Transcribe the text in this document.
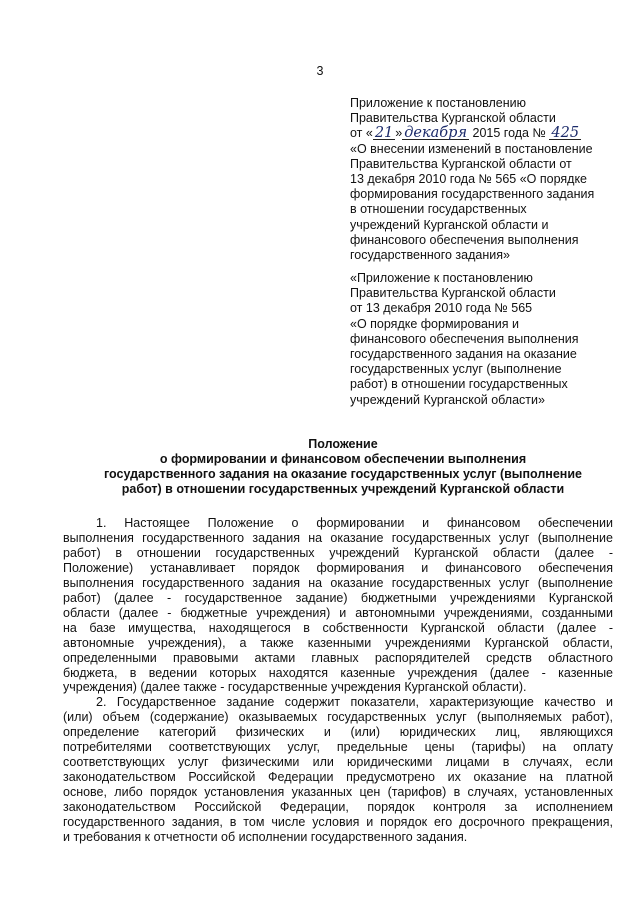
3
Приложение к постановлению
Правительства Курганской области
от « 21 » декабря 2015 года № 425
«О внесении изменений в постановление
Правительства Курганской области от
13 декабря 2010 года № 565 «О порядке
формирования государственного задания
в отношении государственных
учреждений Курганской области и
финансового обеспечения выполнения
государственного задания»
«Приложение к постановлению
Правительства Курганской области
от 13 декабря 2010 года № 565
«О порядке формирования и
финансового обеспечения выполнения
государственного задания на оказание
государственных услуг (выполнение
работ) в отношении государственных
учреждений Курганской области»
Положение
о формировании и финансовом обеспечении выполнения
государственного задания на оказание государственных услуг (выполнение
работ) в отношении государственных учреждений Курганской области

1. Настоящее Положение о формировании и финансовом обеспечении
выполнения государственного задания на оказание государственных услуг (выполнение
работ) в отношении государственных учреждений Курганской области (далее -
Положение) устанавливает порядок формирования и финансового обеспечения
выполнения государственного задания на оказание государственных услуг (выполнение
работ) (далее - государственное задание) бюджетными учреждениями Курганской
области (далее - бюджетные учреждения) и автономными учреждениями, созданными
на базе имущества, находящегося в собственности Курганской области (далее -
автономные учреждения), а также казенными учреждениями Курганской области,
определенными правовыми актами главных распорядителей средств областного
бюджета, в ведении которых находятся казенные учреждения (далее - казенные
учреждения) (далее также - государственные учреждения Курганской области).

2. Государственное задание содержит показатели, характеризующие качество и
(или) объем (содержание) оказываемых государственных услуг (выполняемых работ),
определение категорий физических и (или) юридических лиц, являющихся
потребителями соответствующих услуг, предельные цены (тарифы) на оплату
соответствующих услуг физическими или юридическими лицами в случаях, если
законодательством Российской Федерации предусмотрено их оказание на платной
основе, либо порядок установления указанных цен (тарифов) в случаях, установленных
законодательством Российской Федерации, порядок контроля за исполнением
государственного задания, в том числе условия и порядок его досрочного прекращения,
и требования к отчетности об исполнении государственного задания.
